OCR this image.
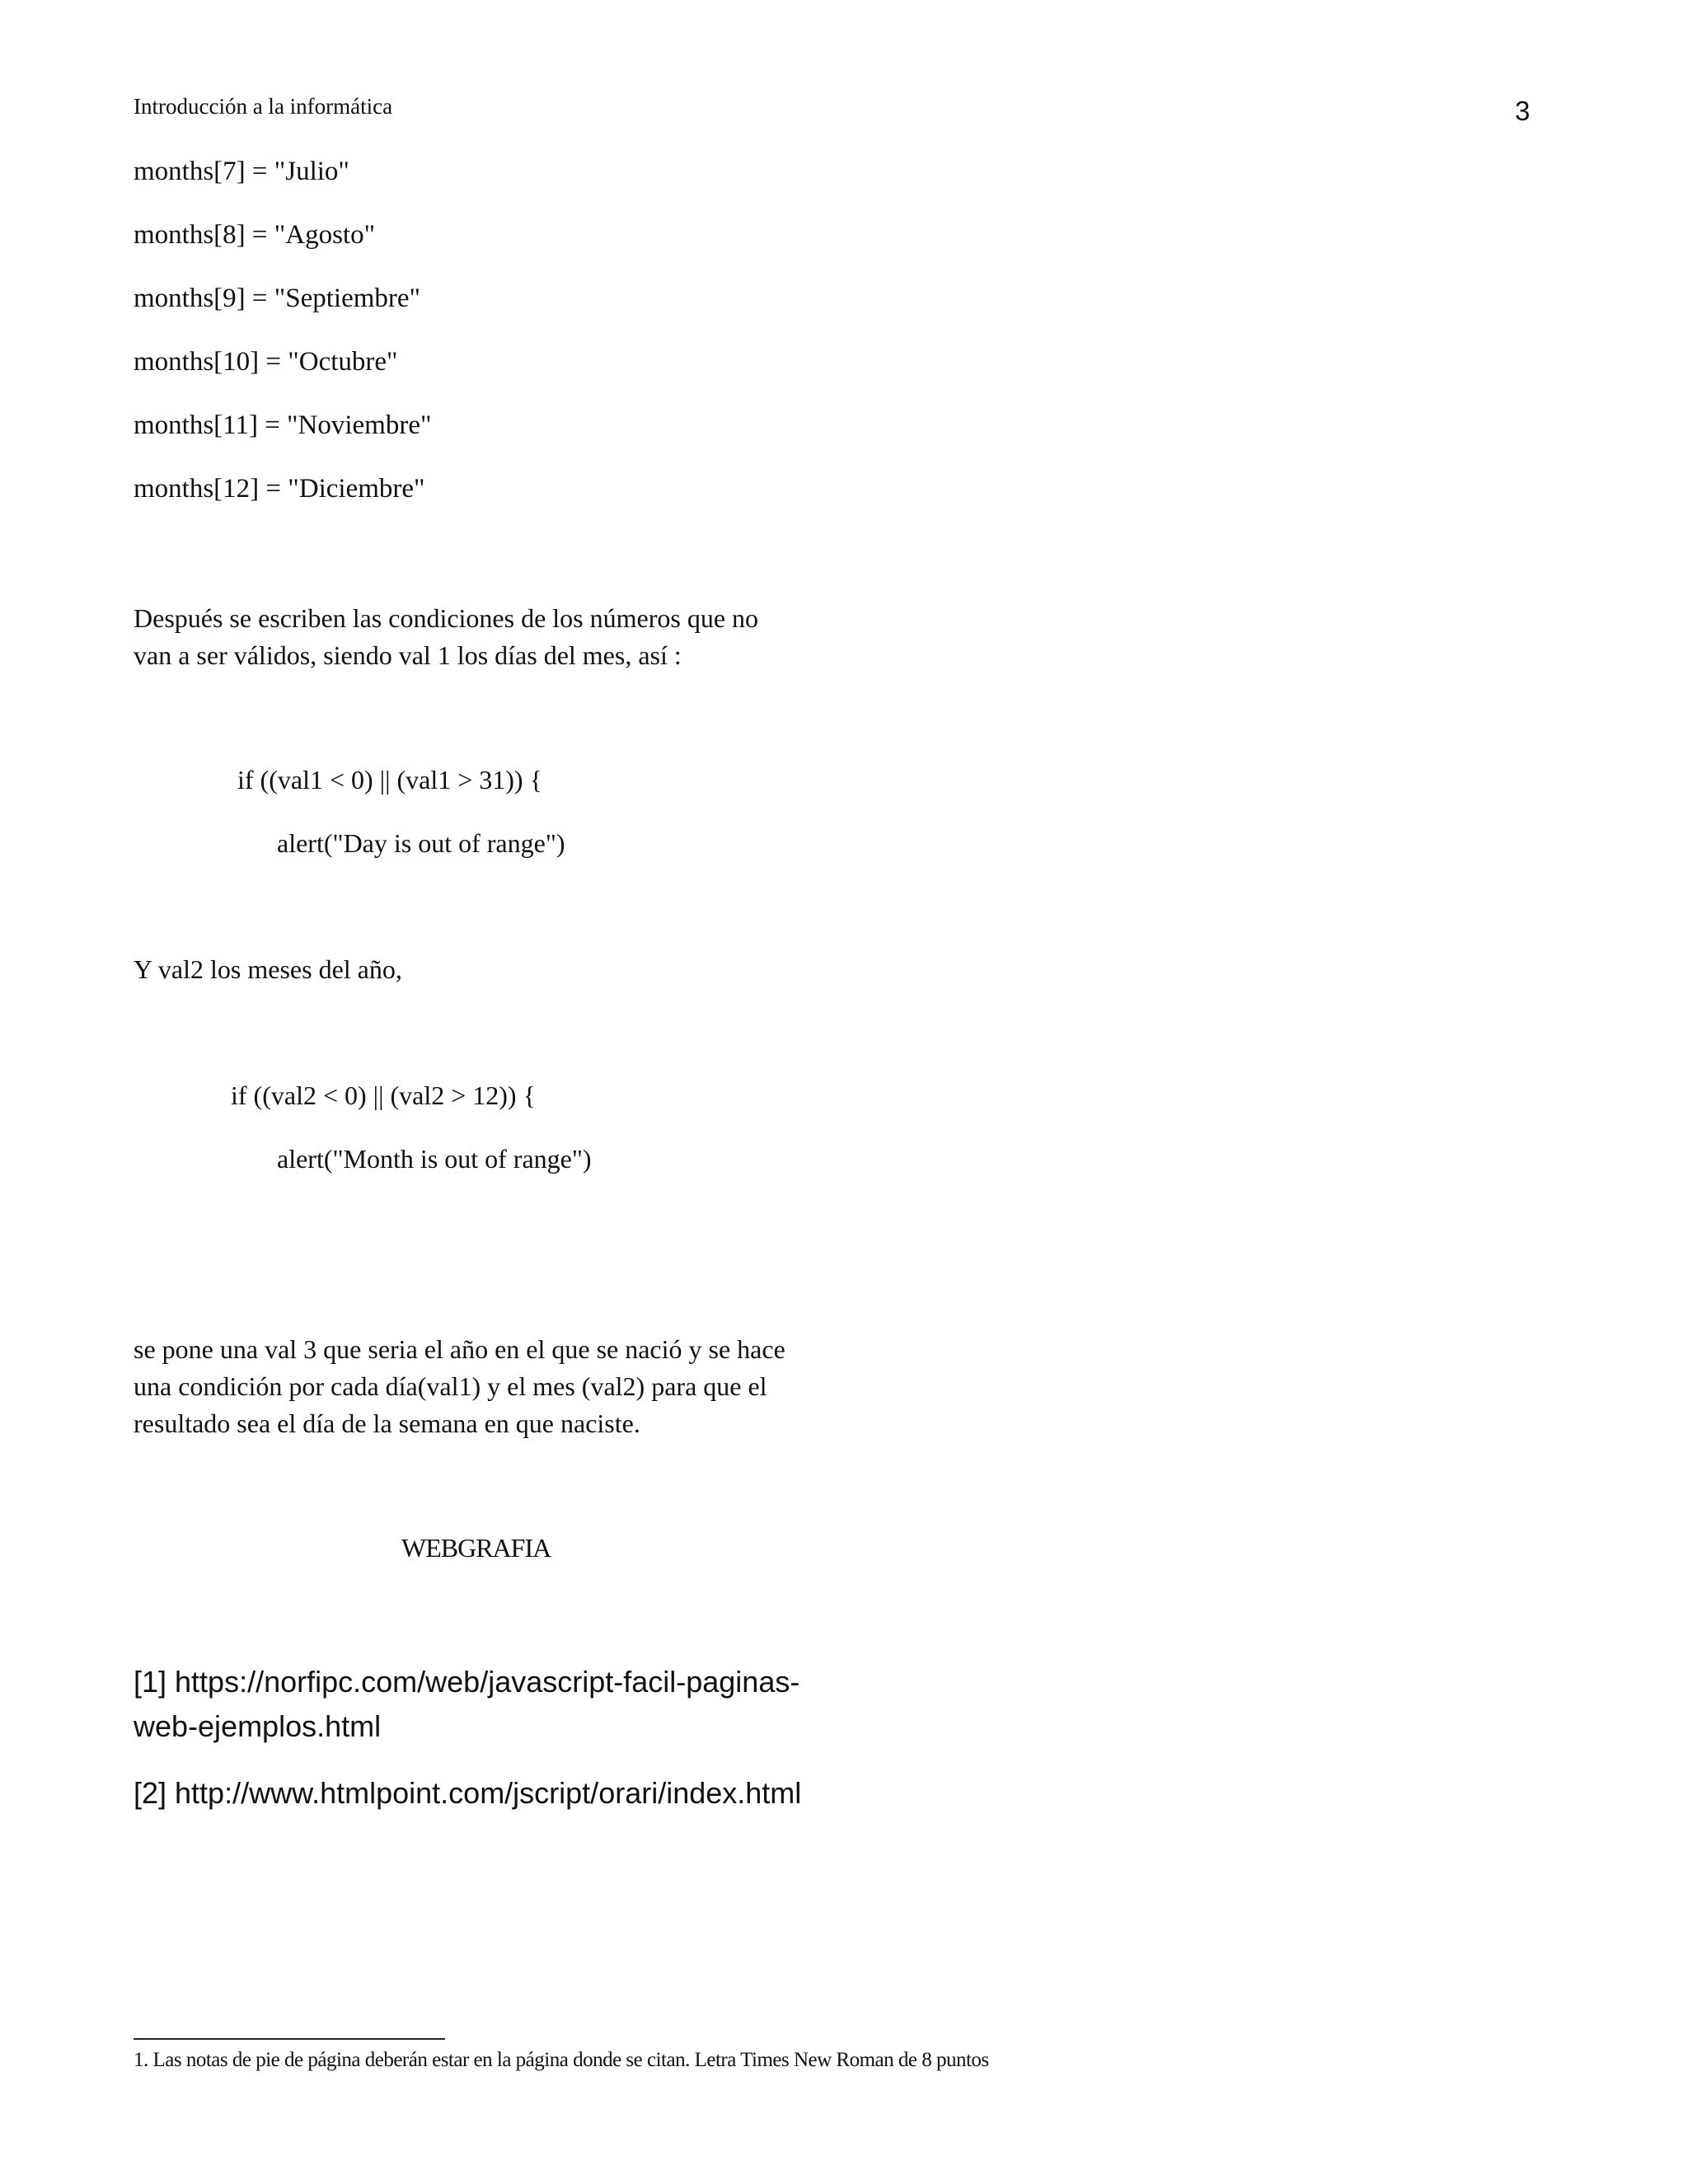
Introducción a la informática	3
months[7] = "Julio"
months[8] = "Agosto"
months[9] = "Septiembre"
months[10] = "Octubre"
months[11] = "Noviembre"
months[12] = "Diciembre"
Después se escriben las condiciones de los números que no
van a ser válidos, siendo val 1 los días del mes, así :
if ((val1 < 0) || (val1 > 31)) {
alert("Day is out of range")
Y val2 los meses del año,
if ((val2 < 0) || (val2 > 12)) {
alert("Month is out of range")
se pone una val 3 que seria el año en el que se nació y se hace
una condición por cada día(val1) y el mes (val2) para que el
resultado sea el día de la semana en que naciste.
WEBGRAFIA
[1] https://norfipc.com/web/javascript-facil-paginas-
web-ejemplos.html
[2] http://www.htmlpoint.com/jscript/orari/index.html
1. Las notas de pie de página deberán estar en la página donde se citan. Letra Times New Roman de 8 puntos
